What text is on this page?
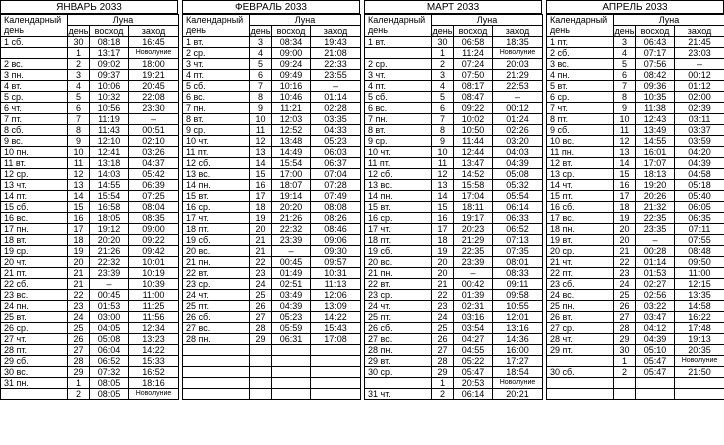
ЯНВАРЬ 2033
Календарный день	Луна		
	день	восход	заход
1 сб.	30	08:18	16:45
	1	13:17	Новолуние
2 вс.	2	09:02	18:00
3 пн.	3	09:37	19:21
4 вт.	4	10:06	20:45
5 ср.	5	10:32	22:08
6 чт.	6	10:56	23:30
7 пт.	7	11:19	–
8 сб.	8	11:43	00:51
9 вс.	9	12:10	02:10
10 пн.	10	12:41	03:26
11 вт.	11	13:18	04:37
12 ср.	12	14:03	05:42
13 чт.	13	14:55	06:39
14 пт.	14	15:54	07:25
15 сб.	15	16:58	08:04
16 вс.	16	18:05	08:35
17 пн.	17	19:12	09:00
18 вт.	18	20:20	09:22
19 ср.	19	21:26	09:42
20 чт.	20	22:32	10:01
21 пт.	21	23:39	10:19
22 сб.	21	–	10:39
23 вс.	22	00:45	11:00
24 пн.	23	01:53	11:25
25 вт.	24	03:00	11:56
26 ср.	25	04:05	12:34
27 чт.	26	05:08	13:23
28 пт.	27	06:04	14:22
29 сб.	28	06:52	15:33
30 вс.	29	07:32	16:52
31 пн.	1	08:05	18:16
	2	08:05	Новолуние
ФЕВРАЛЬ 2033
Календарный день	Луна		
	день	восход	заход
1 вт.	3	08:34	19:43
2 ср.	4	09:00	21:08
3 чт.	5	09:24	22:33
4 пт.	6	09:49	23:55
5 сб.	7	10:16	–
6 вс.	8	10:46	01:14
7 пн.	9	11:21	02:28
8 вт.	10	12:03	03:35
9 ср.	11	12:52	04:33
10 чт.	12	13:48	05:23
11 пт.	13	14:49	06:03
12 сб.	14	15:54	06:37
13 вс.	15	17:00	07:04
14 пн.	16	18:07	07:28
15 вт.	17	19:14	07:49
16 ср.	18	20:20	08:08
17 чт.	19	21:26	08:26
18 пт.	20	22:32	08:46
19 сб.	21	23:39	09:06
20 вс.	21	–	09:30
21 пн.	22	00:45	09:57
22 вт.	23	01:49	10:31
23 ср.	24	02:51	11:13
24 чт.	25	03:49	12:06
25 пт.	26	04:39	13:09
26 сб.	27	05:23	14:22
27 вс.	28	05:59	15:43
28 пн.	29	06:31	17:08

МАРТ 2033
Календарный день	Луна		
	день	восход	заход
1 вт.	30	06:58	18:35
	1	11:24	Новолуние
2 ср.	2	07:24	20:03
3 чт.	3	07:50	21:29
4 пт.	4	08:17	22:53
5 сб.	5	08:47	–
6 вс.	6	09:22	00:12
7 пн.	7	10:02	01:24
8 вт.	8	10:50	02:26
9 ср.	9	11:44	03:20
10 чт.	10	12:44	04:03
11 пт.	11	13:47	04:39
12 сб.	12	14:52	05:08
13 вс.	13	15:58	05:32
14 пн.	14	17:04	05:54
15 вт.	15	18:11	06:14
16 ср.	16	19:17	06:33
17 чт.	17	20:23	06:52
18 пт.	18	21:29	07:13
19 сб.	19	22:35	07:35
20 вс.	20	23:39	08:01
21 пн.	20	–	08:33
22 вт.	21	00:42	09:11
23 ср.	22	01:39	09:58
24 чт.	23	02:31	10:55
25 пт.	24	03:16	12:01
26 сб.	25	03:54	13:16
27 вс.	26	04:27	14:36
28 пн.	27	04:55	16:00
29 вт.	28	05:22	17:27
30 ср.	29	05:47	18:54
	1	20:53	Новолуние
31 чт.	2	06:14	20:21
АПРЕЛЬ 2033
Календарный день	Луна		
	день	восход	заход
1 пт.	3	06:43	21:45
2 сб.	4	07:17	23:03
3 вс.	5	07:56	–
4 пн.	6	08:42	00:12
5 вт.	7	09:36	01:12
6 ср.	8	10:35	02:00
7 чт.	9	11:38	02:39
8 пт.	10	12:43	03:11
9 сб.	11	13:49	03:37
10 вс.	12	14:55	03:59
11 пн.	13	16:01	04:20
12 вт.	14	17:07	04:39
13 ср.	15	18:13	04:58
14 чт.	16	19:20	05:18
15 пт.	17	20:26	05:40
16 сб.	18	21:32	06:05
17 вс.	19	22:35	06:35
18 пн.	20	23:35	07:11
19 вт.	20	–	07:55
20 ср.	21	00:28	08:48
21 чт.	22	01:14	09:50
22 пт.	23	01:53	11:00
23 сб.	24	02:27	12:15
24 вс.	25	02:56	13:35
25 пн.	26	03:22	14:58
26 вт.	27	03:47	16:22
27 ср.	28	04:12	17:48
28 чт.	29	04:39	19:13
29 пт.	30	05:10	20:35
	1	05:47	Новолуние
30 сб.	2	05:47	21:50
